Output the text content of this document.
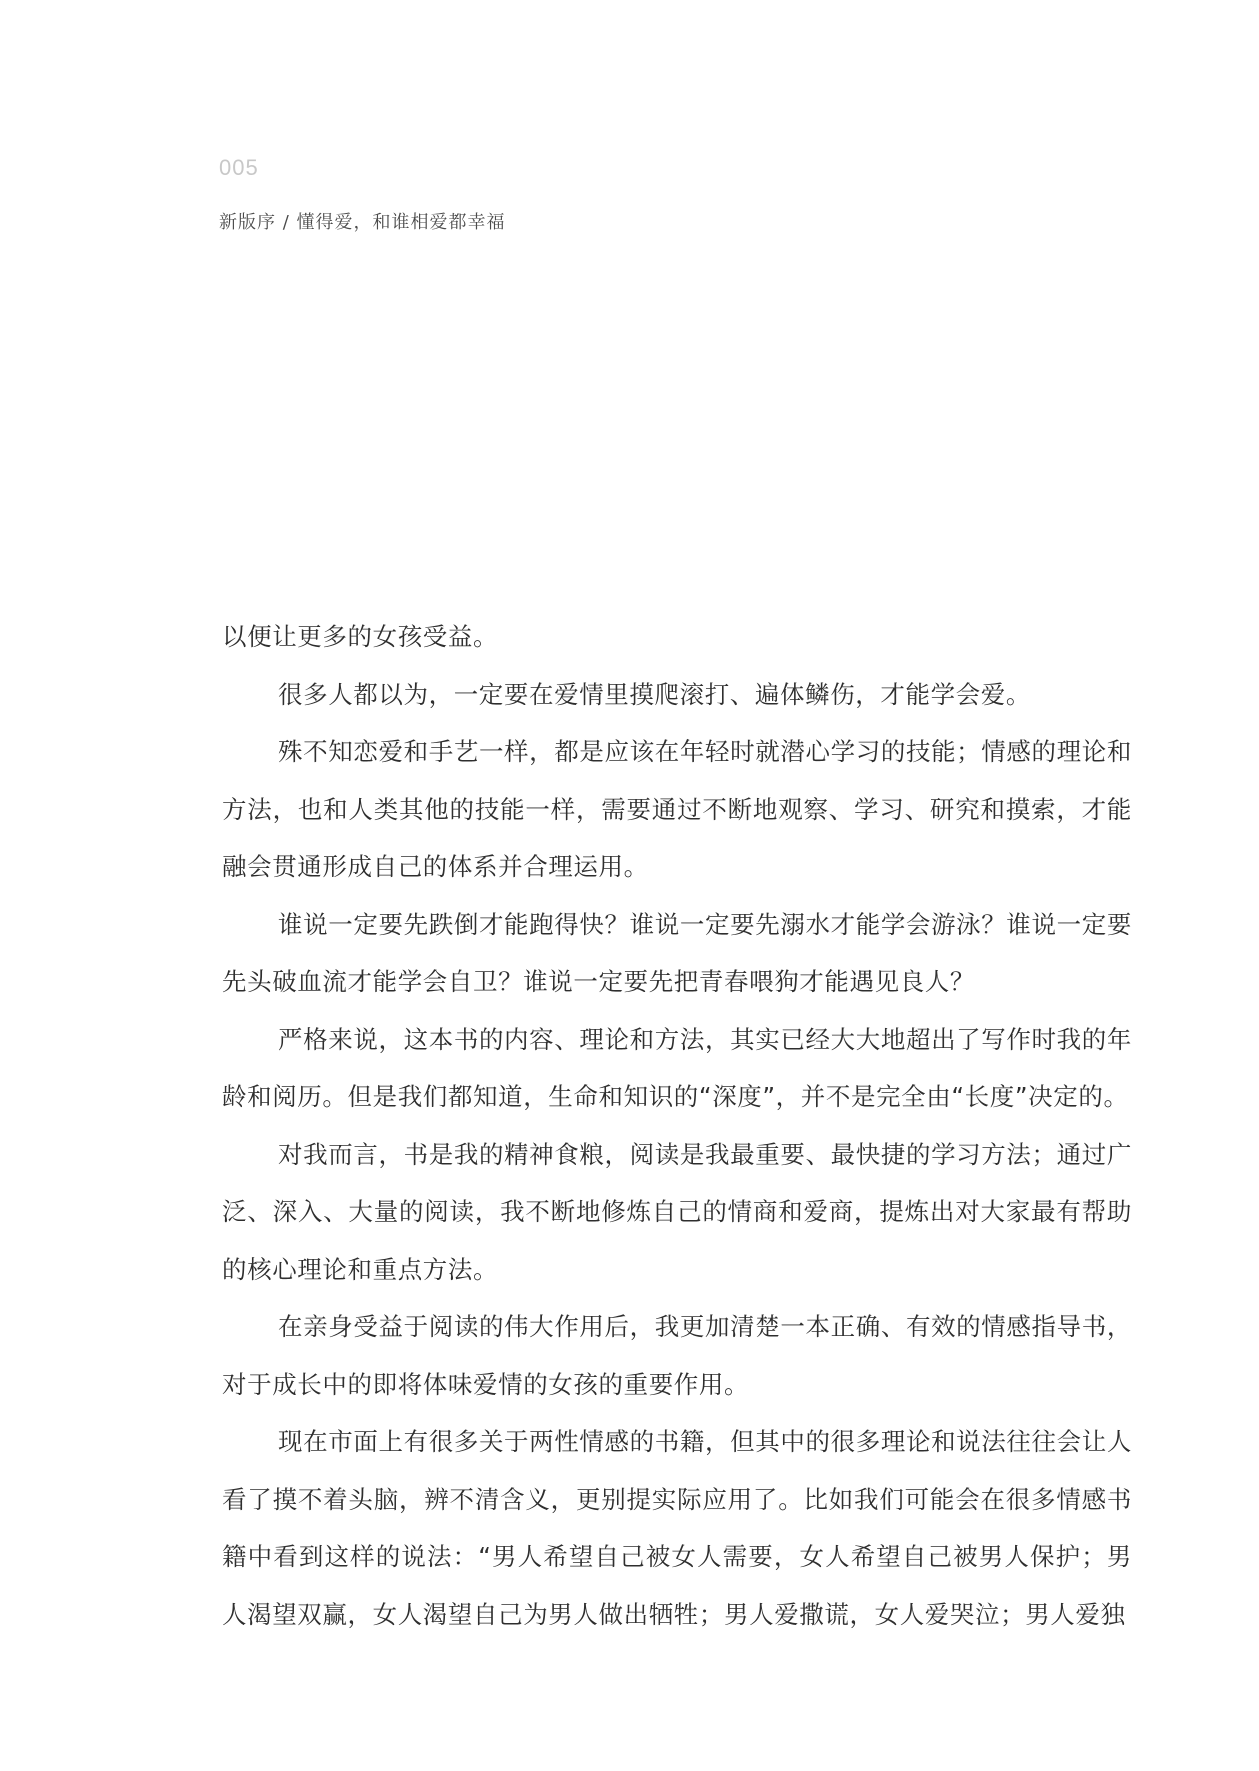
005
新版序 / 懂得爱，和谁相爱都幸福

以便让更多的女孩受益。

很多人都以为，一定要在爱情里摸爬滚打、遍体鳞伤，才能学会爱。

殊不知恋爱和手艺一样，都是应该在年轻时就潜心学习的技能；情感的理论和方法，也和人类其他的技能一样，需要通过不断地观察、学习、研究和摸索，才能融会贯通形成自己的体系并合理运用。

谁说一定要先跌倒才能跑得快？谁说一定要先溺水才能学会游泳？谁说一定要先头破血流才能学会自卫？谁说一定要先把青春喂狗才能遇见良人？

严格来说，这本书的内容、理论和方法，其实已经大大地超出了写作时我的年龄和阅历。但是我们都知道，生命和知识的“深度”，并不是完全由“长度”决定的。

对我而言，书是我的精神食粮，阅读是我最重要、最快捷的学习方法；通过广泛、深入、大量的阅读，我不断地修炼自己的情商和爱商，提炼出对大家最有帮助的核心理论和重点方法。

在亲身受益于阅读的伟大作用后，我更加清楚一本正确、有效的情感指导书，对于成长中的即将体味爱情的女孩的重要作用。

现在市面上有很多关于两性情感的书籍，但其中的很多理论和说法往往会让人看了摸不着头脑，辨不清含义，更别提实际应用了。比如我们可能会在很多情感书籍中看到这样的说法：“男人希望自己被女人需要，女人希望自己被男人保护；男人渴望双赢，女人渴望自己为男人做出牺牲；男人爱撒谎，女人爱哭泣；男人爱独
